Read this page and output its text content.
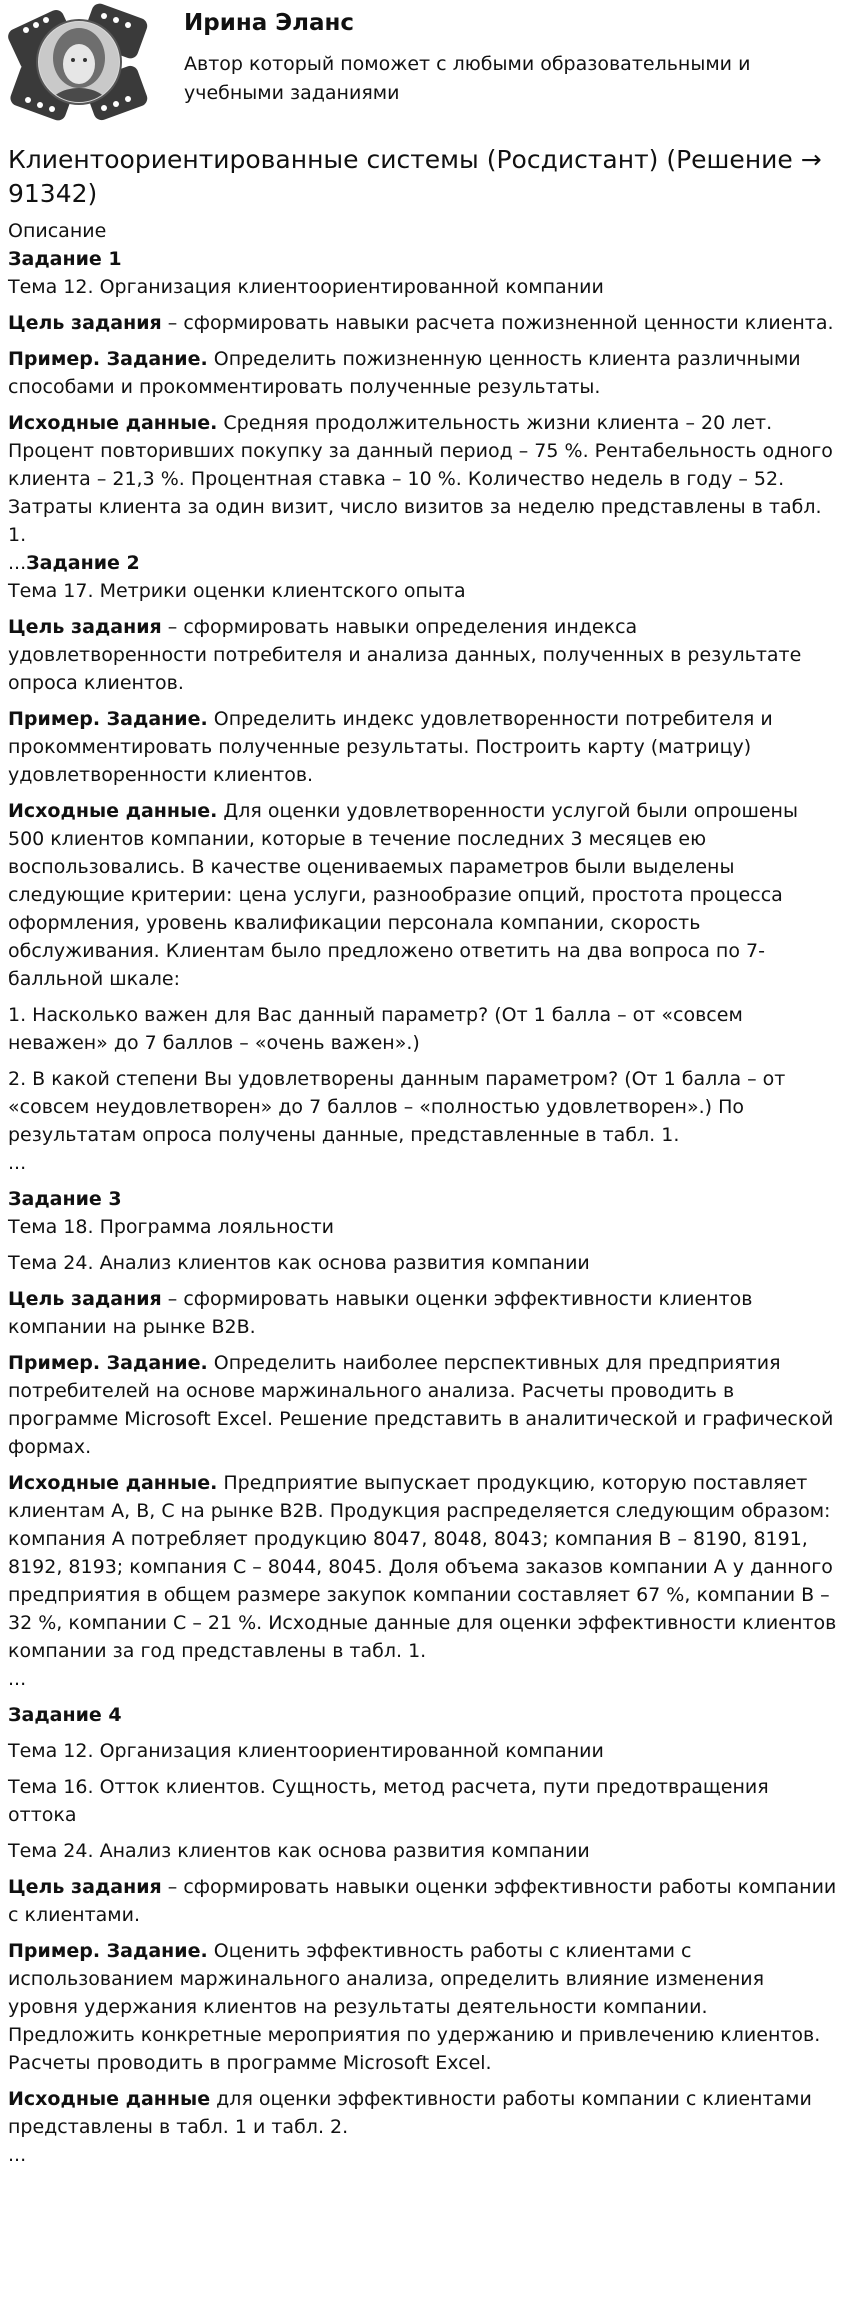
Ирина Эланс
Автор который поможет с любыми образовательными и учебными заданиями
Клиентоориентированные системы (Росдистант) (Решение → 91342)
Описание
Задание 1

Тема 12. Организация клиентоориентированной компании

Цель задания – сформировать навыки расчета пожизненной ценности клиента.

Пример. Задание. Определить пожизненную ценность клиента различными способами и прокомментировать полученные результаты.

Исходные данные. Средняя продолжительность жизни клиента – 20 лет. Процент повторивших покупку за данный период – 75 %. Рентабельность одного клиента – 21,3 %. Процентная ставка – 10 %. Количество недель в году – 52. Затраты клиента за один визит, число визитов за неделю представлены в табл. 1.

...Задание 2

Тема 17. Метрики оценки клиентского опыта

Цель задания – сформировать навыки определения индекса удовлетворенности потребителя и анализа данных, полученных в результате опроса клиентов.

Пример. Задание. Определить индекс удовлетворенности потребителя и прокомментировать полученные результаты. Построить карту (матрицу) удовлетворенности клиентов.

Исходные данные. Для оценки удовлетворенности услугой были опрошены 500 клиентов компании, которые в течение последних 3 месяцев ею воспользовались. В качестве оцениваемых параметров были выделены следующие критерии: цена услуги, разнообразие опций, простота процесса оформления, уровень квалификации персонала компании, скорость обслуживания. Клиентам было предложено ответить на два вопроса по 7-балльной шкале:

1. Насколько важен для Вас данный параметр? (От 1 балла – от «совсем неважен» до 7 баллов – «очень важен».)

2. В какой степени Вы удовлетворены данным параметром? (От 1 балла – от «совсем неудовлетворен» до 7 баллов – «полностью удовлетворен».) По результатам опроса получены данные, представленные в табл. 1.

...

Задание 3

Тема 18. Программа лояльности

Тема 24. Анализ клиентов как основа развития компании

Цель задания – сформировать навыки оценки эффективности клиентов компании на рынке B2B.

Пример. Задание. Определить наиболее перспективных для предприятия потребителей на основе маржинального анализа. Расчеты проводить в программе Microsoft Excel. Решение представить в аналитической и графической формах.

Исходные данные. Предприятие выпускает продукцию, которую поставляет клиентам A, B, C на рынке B2B. Продукция распределяется следующим образом: компания A потребляет продукцию 8047, 8048, 8043; компания B – 8190, 8191, 8192, 8193; компания C – 8044, 8045. Доля объема заказов компании А у данного предприятия в общем размере закупок компании составляет 67 %, компании B – 32 %, компании C – 21 %. Исходные данные для оценки эффективности клиентов компании за год представлены в табл. 1.

...

Задание 4

Тема 12. Организация клиентоориентированной компании

Тема 16. Отток клиентов. Сущность, метод расчета, пути предотвращения оттока

Тема 24. Анализ клиентов как основа развития компании

Цель задания – сформировать навыки оценки эффективности работы компании с клиентами.

Пример. Задание. Оценить эффективность работы с клиентами с использованием маржинального анализа, определить влияние изменения уровня удержания клиентов на результаты деятельности компании. Предложить конкретные мероприятия по удержанию и привлечению клиентов. Расчеты проводить в программе Microsoft Excel.

Исходные данные для оценки эффективности работы компании с клиентами представлены в табл. 1 и табл. 2.

...
